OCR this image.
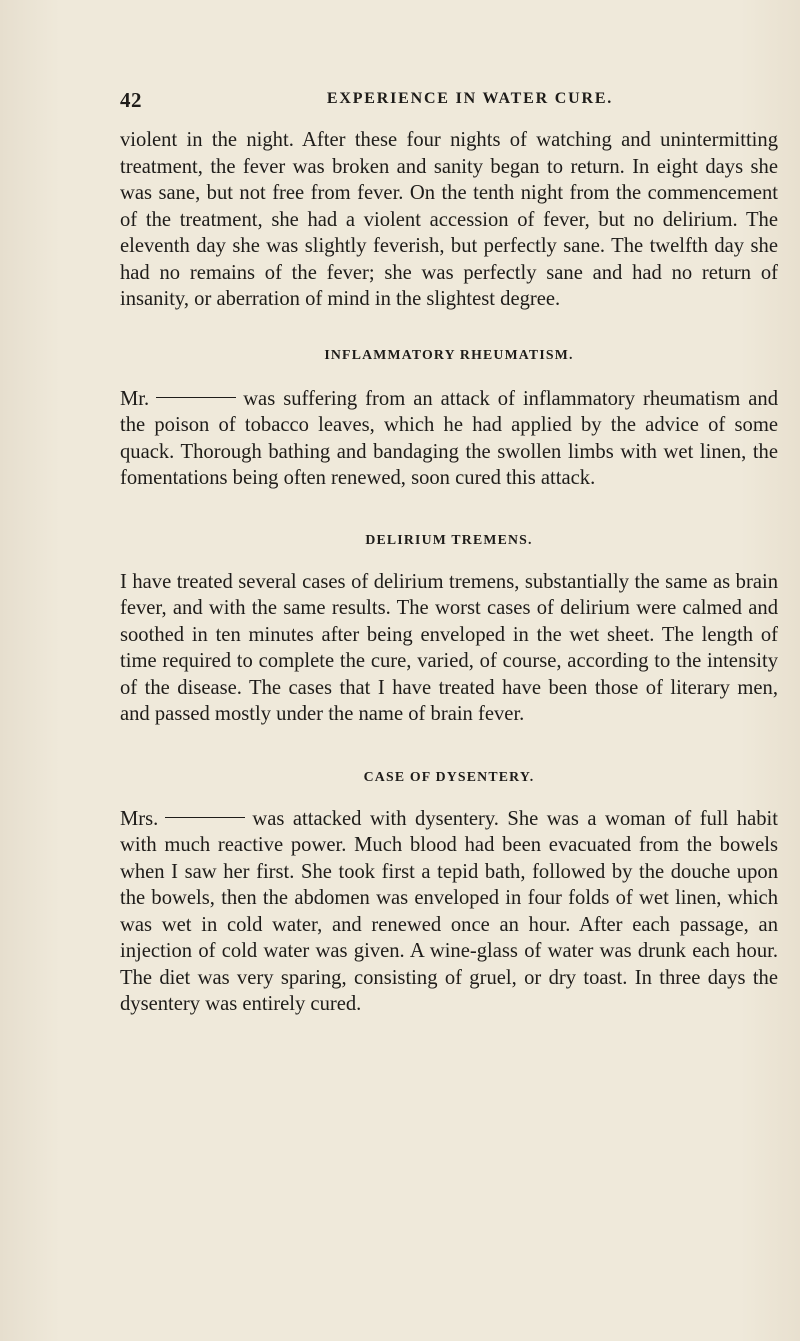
42	EXPERIENCE IN WATER CURE.

violent in the night. After these four nights of watching and unintermitting treatment, the fever was broken and sanity began to return. In eight days she was sane, but not free from fever. On the tenth night from the commencement of the treatment, she had a violent accession of fever, but no delirium. The eleventh day she was slightly feverish, but perfectly sane. The twelfth day she had no remains of the fever; she was perfectly sane and had no return of insanity, or aberration of mind in the slightest degree.

INFLAMMATORY RHEUMATISM.

Mr.	was suffering from an attack of inflammatory rheumatism and the poison of tobacco leaves, which he had applied by the advice of some quack. Thorough bathing and bandaging the swollen limbs with wet linen, the fomentations being often renewed, soon cured this attack.

DELIRIUM TREMENS.

I have treated several cases of delirium tremens, substantially the same as brain fever, and with the same results. The worst cases of delirium were calmed and soothed in ten minutes after being enveloped in the wet sheet. The length of time required to complete the cure, varied, of course, according to the intensity of the disease. The cases that I have treated have been those of literary men, and passed mostly under the name of brain fever.

CASE OF DYSENTERY.

Mrs.	was attacked with dysentery. She was a woman of full habit with much reactive power. Much blood had been evacuated from the bowels when I saw her first. She took first a tepid bath, followed by the douche upon the bowels, then the abdomen was enveloped in four folds of wet linen, which was wet in cold water, and renewed once an hour. After each passage, an injection of cold water was given. A wine-glass of water was drunk each hour. The diet was very sparing, consisting of gruel, or dry toast. In three days the dysentery was entirely cured.
